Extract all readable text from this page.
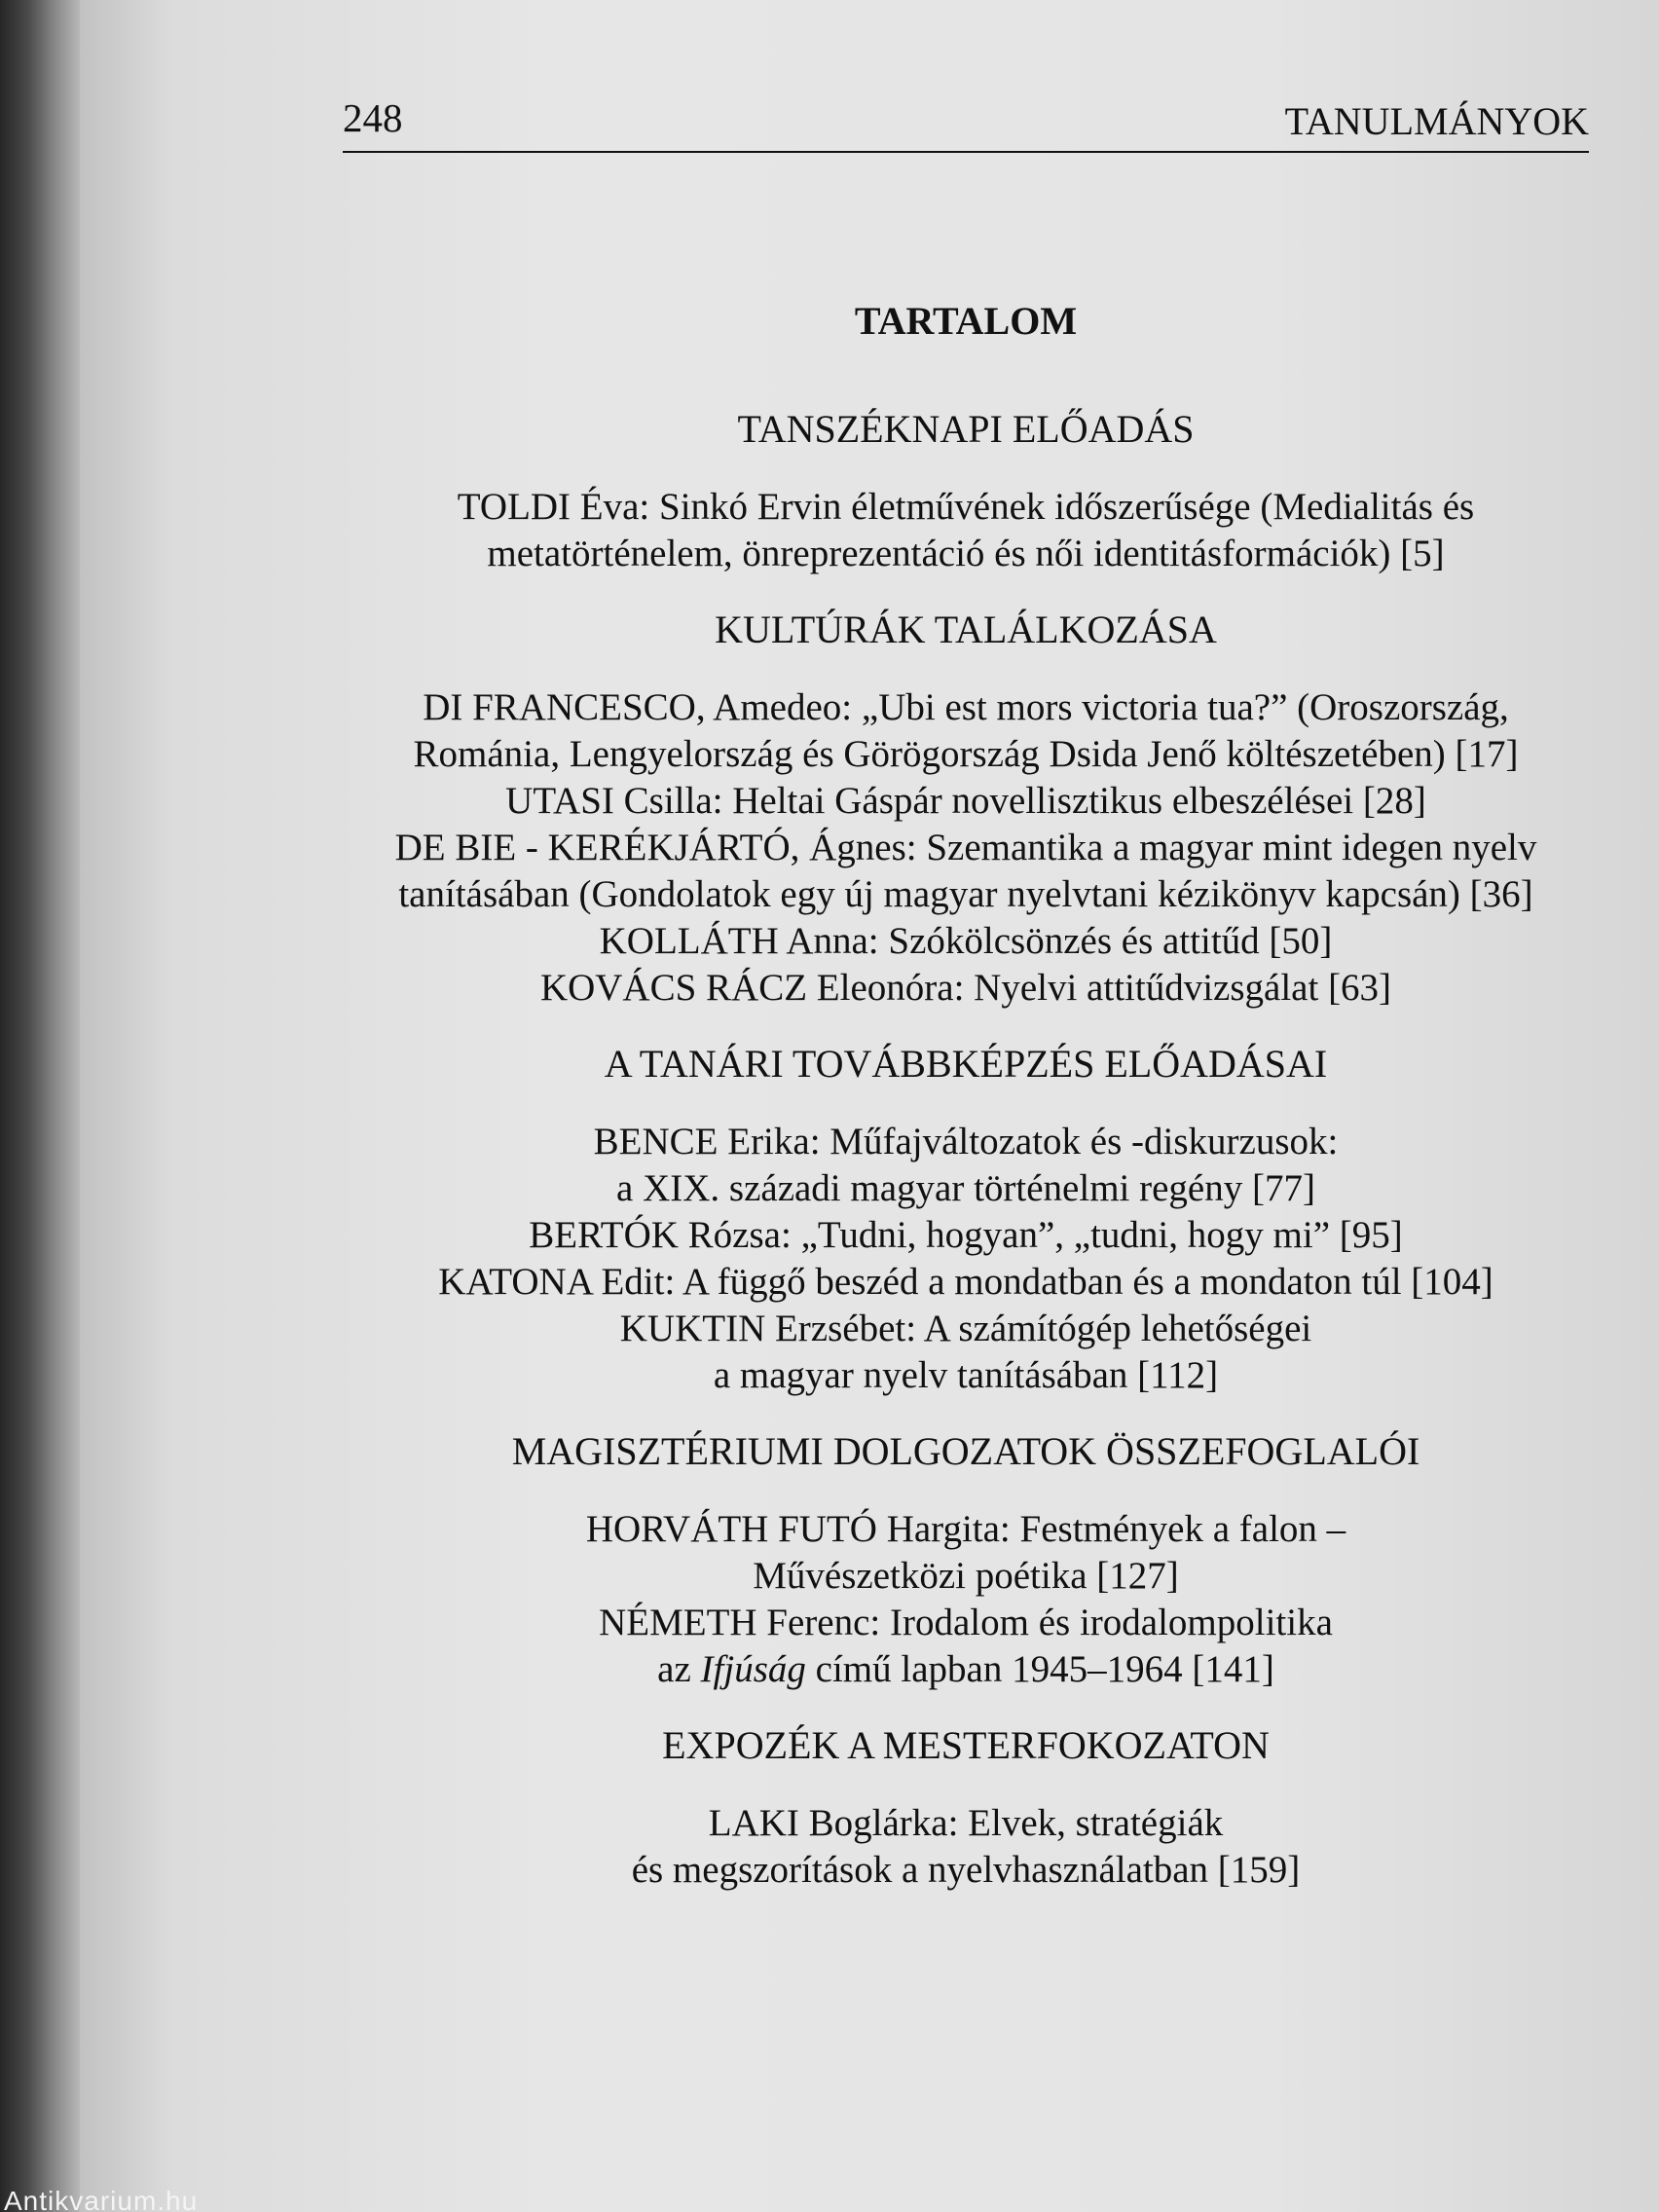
248	TANULMÁNYOK
TARTALOM
TANSZÉKNAPI ELŐADÁS

TOLDI Éva: Sinkó Ervin életművének időszerűsége (Medialitás és
metatörténelem, önreprezentáció és női identitásformációk) [5]

KULTÚRÁK TALÁLKOZÁSA

DI FRANCESCO, Amedeo: „Ubi est mors victoria tua?” (Oroszország,
Románia, Lengyelország és Görögország Dsida Jenő költészetében) [17]

UTASI Csilla: Heltai Gáspár novellisztikus elbeszélései [28]

DE BIE - KERÉKJÁRTÓ, Ágnes: Szemantika a magyar mint idegen nyelv
tanításában (Gondolatok egy új magyar nyelvtani kézikönyv kapcsán) [36]

KOLLÁTH Anna: Szókölcsönzés és attitűd [50]

KOVÁCS RÁCZ Eleonóra: Nyelvi attitűdvizsgálat [63]

A TANÁRI TOVÁBBKÉPZÉS ELŐADÁSAI

BENCE Erika: Műfajváltozatok és -diskurzusok:
a XIX. századi magyar történelmi regény [77]

BERTÓK Rózsa: „Tudni, hogyan”, „tudni, hogy mi” [95]

KATONA Edit: A függő beszéd a mondatban és a mondaton túl [104]

KUKTIN Erzsébet: A számítógép lehetőségei
a magyar nyelv tanításában [112]

MAGISZTÉRIUMI DOLGOZATOK ÖSSZEFOGLALÓI

HORVÁTH FUTÓ Hargita: Festmények a falon –
Művészetközi poétika [127]

NÉMETH Ferenc: Irodalom és irodalompolitika
az Ifjúság című lapban 1945–1964 [141]

EXPOZÉK A MESTERFOKOZATON

LAKI Boglárka: Elvek, stratégiák
és megszorítások a nyelvhasználatban [159]

Antikvarium.hu
